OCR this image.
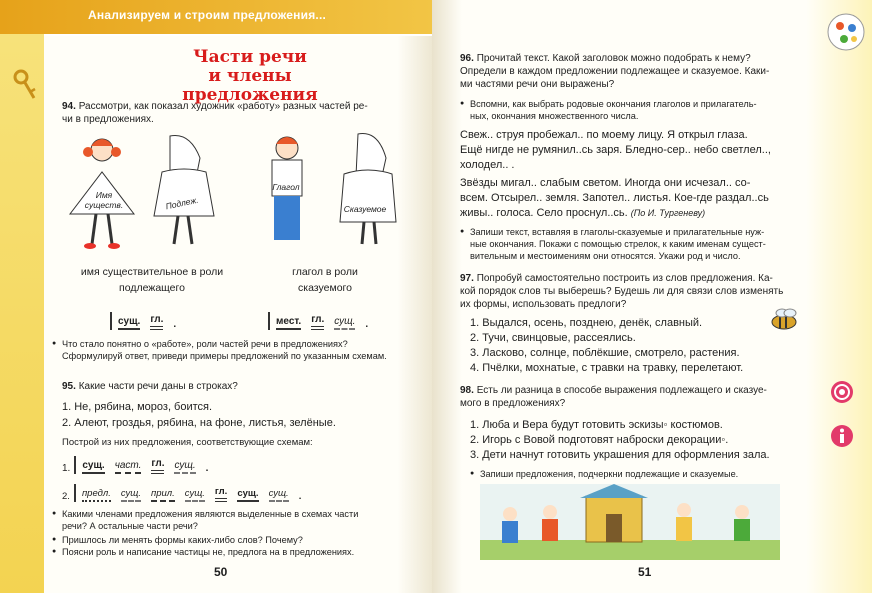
Анализируем и строим предложения...
Части речи
и члены предложения
94. Рассмотри, как показал художник «работу» разных частей ре-
чи в предложениях.
Имя
существ.	Подлеж.
Глагол
Сказуемое
имя существительное в роли
подлежащего
глагол в роли
сказуемого
сущ. гл. .	мест. гл. сущ. .
● Что стало понятно о «работе», роли частей речи в предложениях?
Сформулируй ответ, приведи примеры предложений по указанным схемам.
95. Какие части речи даны в строках?
1. Не, рябина, мороз, боится.
2. Алеют, гроздья, рябина, на фоне, листья, зелёные.
Построй из них предложения, соответствующие схемам:
1. сущ. част. гл. сущ. .
2. предл. сущ. прил. сущ. гл. сущ. сущ. .
● Какими членами предложения являются выделенные в схемах части
речи? А остальные части речи?
● Пришлось ли менять формы каких-либо слов? Почему?
● Поясни роль и написание частицы не, предлога на в предложениях.
50
96. Прочитай текст. Какой заголовок можно подобрать к нему?
Определи в каждом предложении подлежащее и сказуемое. Каки-
ми частями речи они выражены?
● Вспомни, как выбрать родовые окончания глаголов и прилагатель-
ных, окончания множественного числа.
Свеж.. струя пробежал.. по моему лицу. Я открыл глаза.
Ещё нигде не румянил..сь заря. Бледно-сер.. небо светлел..,
холодел.. .
Звёзды мигал.. слабым светом. Иногда они исчезал.. со-
всем. Отсырел.. земля. Запотел.. листья. Кое-где раздал..сь
живы.. голоса. Село проснул..сь. (По И. Тургеневу)
● Запиши текст, вставляя в глаголы-сказуемые и прилагательные нуж-
ные окончания. Покажи с помощью стрелок, к каким именам сущест-
вительным и местоимениям они относятся. Укажи род и число.
97. Попробуй самостоятельно построить из слов предложения. Ка-
кой порядок слов ты выберешь? Будешь ли для связи слов изменять
их формы, использовать предлоги?
1. Выдался, осень, позднею, денёк, славный.
2. Тучи, свинцовые, рассеялись.
3. Ласково, солнце, поблёкшие, смотрело, растения.
4. Пчёлки, мохнатые, с травки на травку, перелетают.
98. Есть ли разница в способе выражения подлежащего и сказуе-
мого в предложениях?
1. Люба и Вера будут готовить эскизы◦ костюмов.
2. Игорь с Вовой подготовят наброски декорации◦.
3. Дети начнут готовить украшения для оформления зала.
● Запиши предложения, подчеркни подлежащие и сказуемые.
51
